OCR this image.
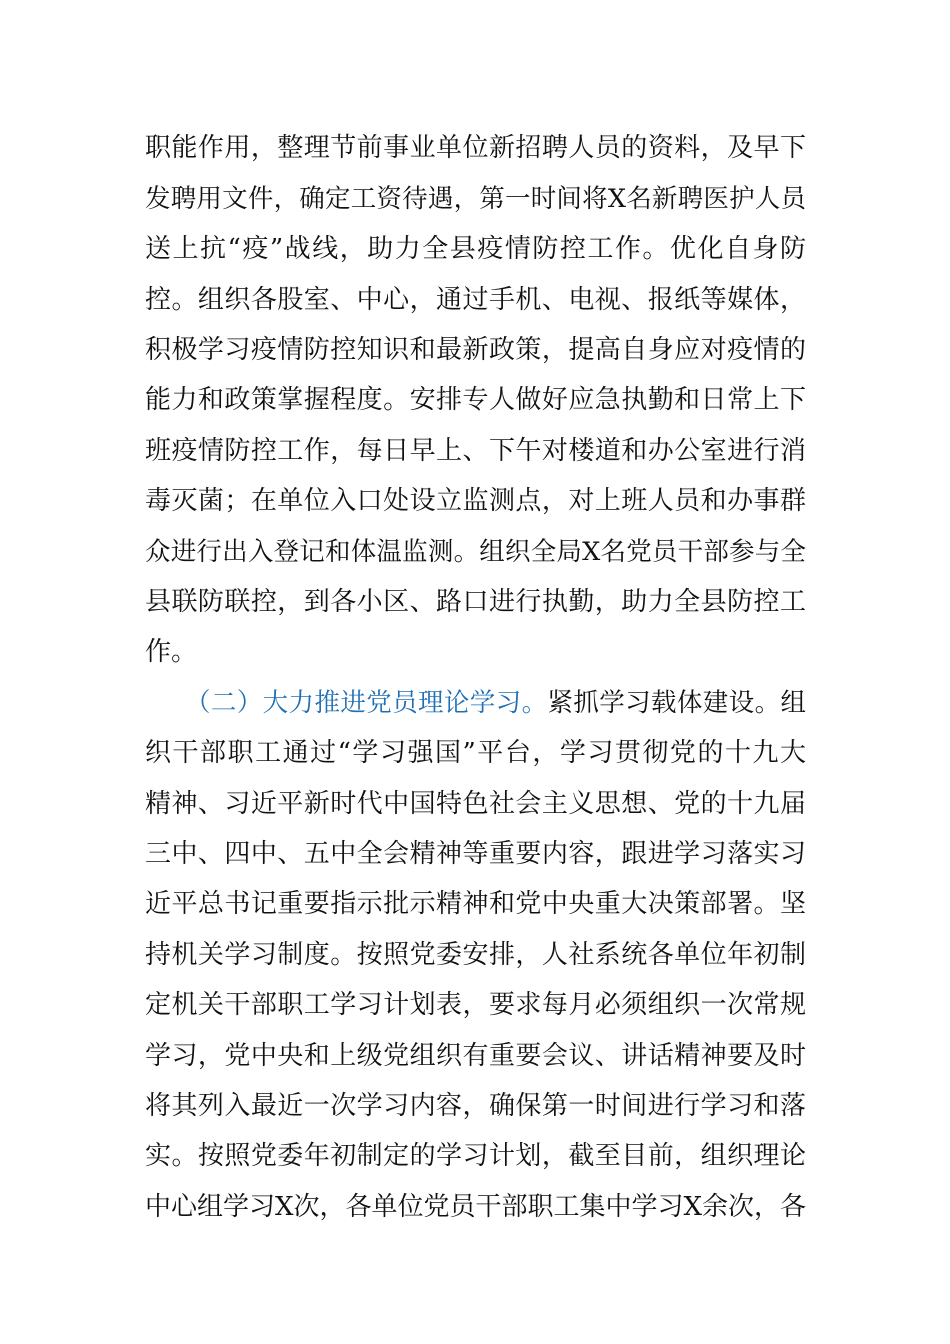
职能作用，整理节前事业单位新招聘人员的资料，及早下
发聘用文件，确定工资待遇，第一时间将X名新聘医护人员
送上抗“疫”战线，助力全县疫情防控工作。优化自身防
控。组织各股室、中心，通过手机、电视、报纸等媒体，
积极学习疫情防控知识和最新政策，提高自身应对疫情的
能力和政策掌握程度。安排专人做好应急执勤和日常上下
班疫情防控工作，每日早上、下午对楼道和办公室进行消
毒灭菌；在单位入口处设立监测点，对上班人员和办事群
众进行出入登记和体温监测。组织全局X名党员干部参与全
县联防联控，到各小区、路口进行执勤，助力全县防控工
作。
（二）大力推进党员理论学习。紧抓学习载体建设。组
织干部职工通过“学习强国”平台，学习贯彻党的十九大
精神、习近平新时代中国特色社会主义思想、党的十九届
三中、四中、五中全会精神等重要内容，跟进学习落实习
近平总书记重要指示批示精神和党中央重大决策部署。坚
持机关学习制度。按照党委安排，人社系统各单位年初制
定机关干部职工学习计划表，要求每月必须组织一次常规
学习，党中央和上级党组织有重要会议、讲话精神要及时
将其列入最近一次学习内容，确保第一时间进行学习和落
实。按照党委年初制定的学习计划，截至目前，组织理论
中心组学习X次，各单位党员干部职工集中学习X余次，各
